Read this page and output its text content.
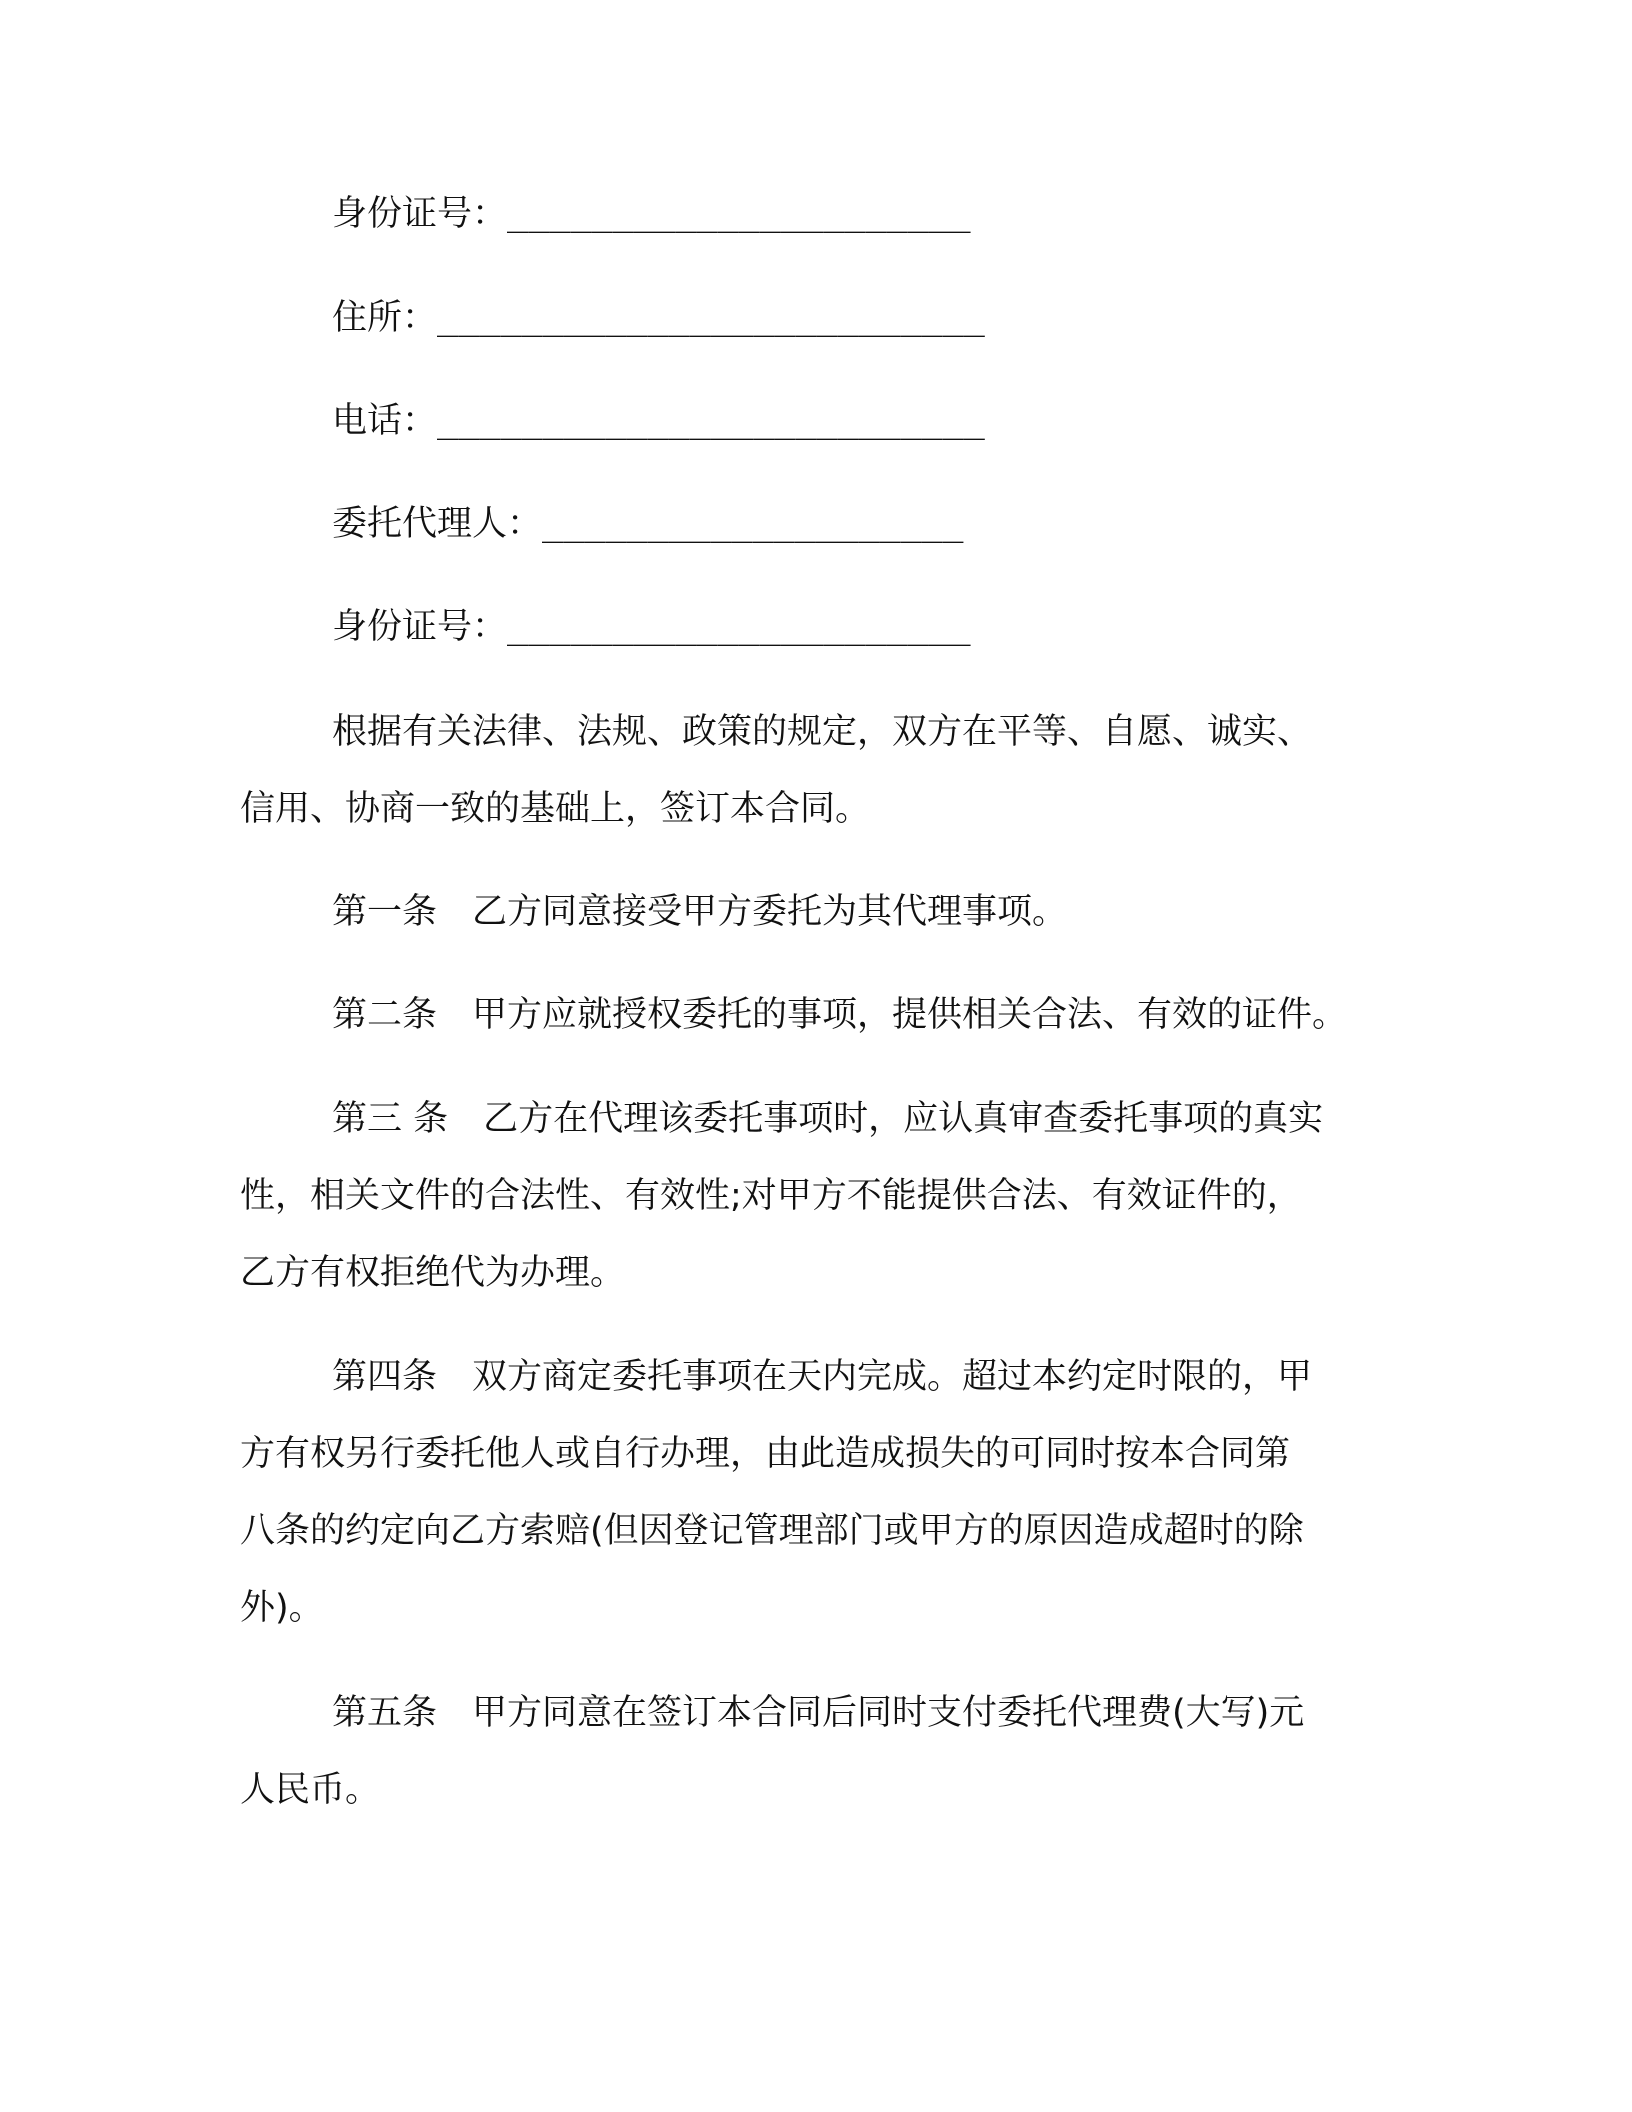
身份证号：______________________
住所：__________________________
电话：__________________________
委托代理人：____________________
身份证号：______________________
根据有关法律、法规、政策的规定，双方在平等、自愿、诚实、
信用、协商一致的基础上，签订本合同。
第一条　乙方同意接受甲方委托为其代理事项。
第二条　甲方应就授权委托的事项，提供相关合法、有效的证件。
第三 条　乙方在代理该委托事项时，应认真审查委托事项的真实
性，相关文件的合法性、有效性;对甲方不能提供合法、有效证件的，
乙方有权拒绝代为办理。
第四条　双方商定委托事项在天内完成。超过本约定时限的，甲
方有权另行委托他人或自行办理，由此造成损失的可同时按本合同第
八条的约定向乙方索赔(但因登记管理部门或甲方的原因造成超时的除
外)。
第五条　甲方同意在签订本合同后同时支付委托代理费(大写)元
人民币。
